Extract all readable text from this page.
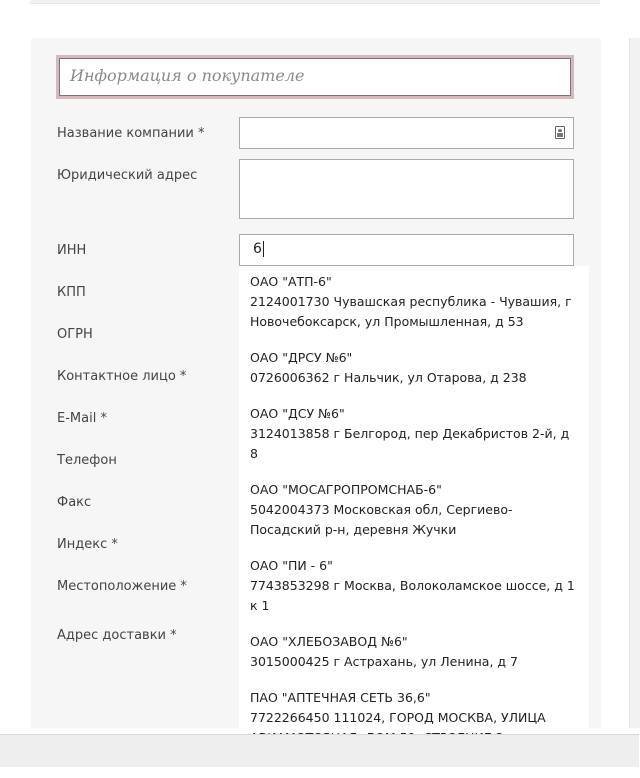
Информация о покупателе
Название компании *
Юридический адрес
ИНН
КПП
ОГРН
Контактное лицо *
E-Mail *
Телефон
Факс
Индекс *
Местоположение *
Адрес доставки *
6
ОАО "АТП-6"
2124001730 Чувашская республика - Чувашия, г Новочебоксарск, ул Промышленная, д 53
ОАО "ДРСУ №6"
0726006362 г Нальчик, ул Отарова, д 238
ОАО "ДСУ №6"
3124013858 г Белгород, пер Декабристов 2-й, д 8
ОАО "МОСАГРОПРОМСНАБ-6"
5042004373 Московская обл, Сергиево-Посадский р-н, деревня Жучки
ОАО "ПИ - 6"
7743853298 г Москва, Волоколамское шоссе, д 1 к 1
ОАО "ХЛЕБОЗАВОД №6"
3015000425 г Астрахань, ул Ленина, д 7
ПАО "АПТЕЧНАЯ СЕТЬ 36,6"
7722266450 111024, ГОРОД МОСКВА, УЛИЦА
